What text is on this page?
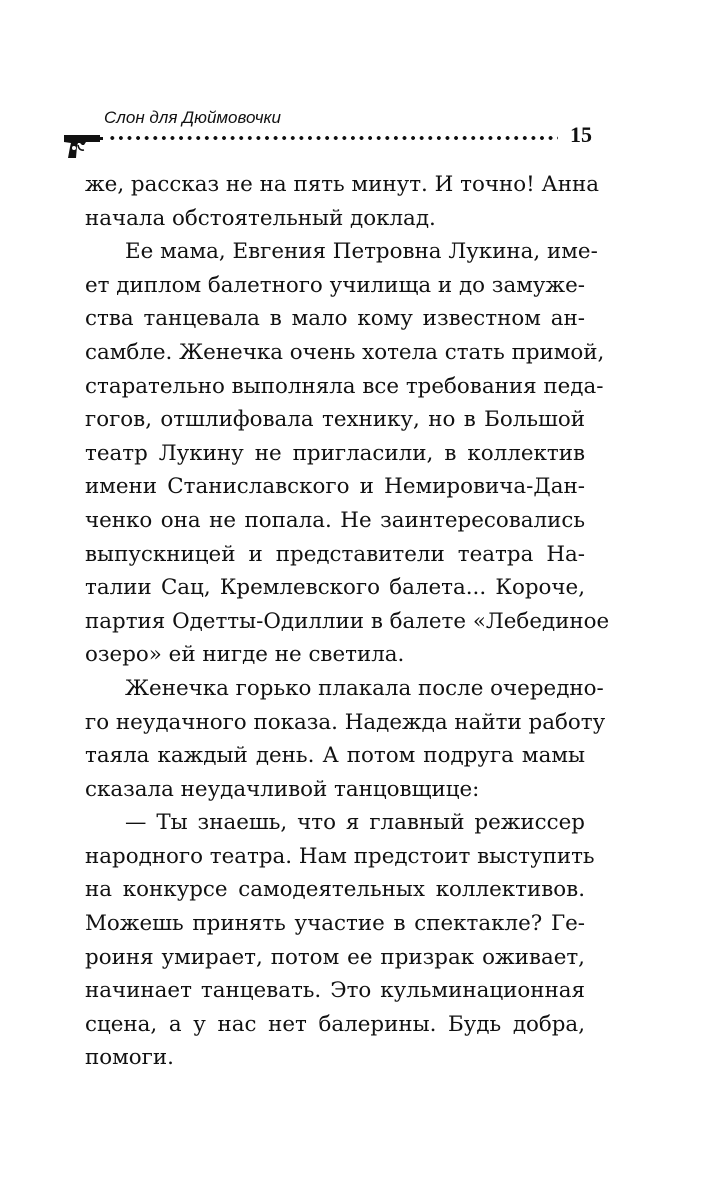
Слон для Дюймовочки
15
же, рассказ не на пять минут. И точно! Анна
начала обстоятельный доклад.
Ее мама, Евгения Петровна Лукина, име-
ет диплом балетного училища и до замуже-
ства танцевала в мало кому известном ан-
самбле. Женечка очень хотела стать примой,
старательно выполняла все требования педа-
гогов, отшлифовала технику, но в Большой
театр Лукину не пригласили, в коллектив
имени Станиславского и Немировича-Дан-
ченко она не попала. Не заинтересовались
выпускницей и представители театра На-
талии Сац, Кремлевского балета... Короче,
партия Одетты-Одиллии в балете «Лебединое
озеро» ей нигде не светила.
Женечка горько плакала после очередно-
го неудачного показа. Надежда найти работу
таяла каждый день. А потом подруга мамы
сказала неудачливой танцовщице:
— Ты знаешь, что я главный режиссер
народного театра. Нам предстоит выступить
на конкурсе самодеятельных коллективов.
Можешь принять участие в спектакле? Ге-
роиня умирает, потом ее призрак оживает,
начинает танцевать. Это кульминационная
сцена, а у нас нет балерины. Будь добра,
помоги.
